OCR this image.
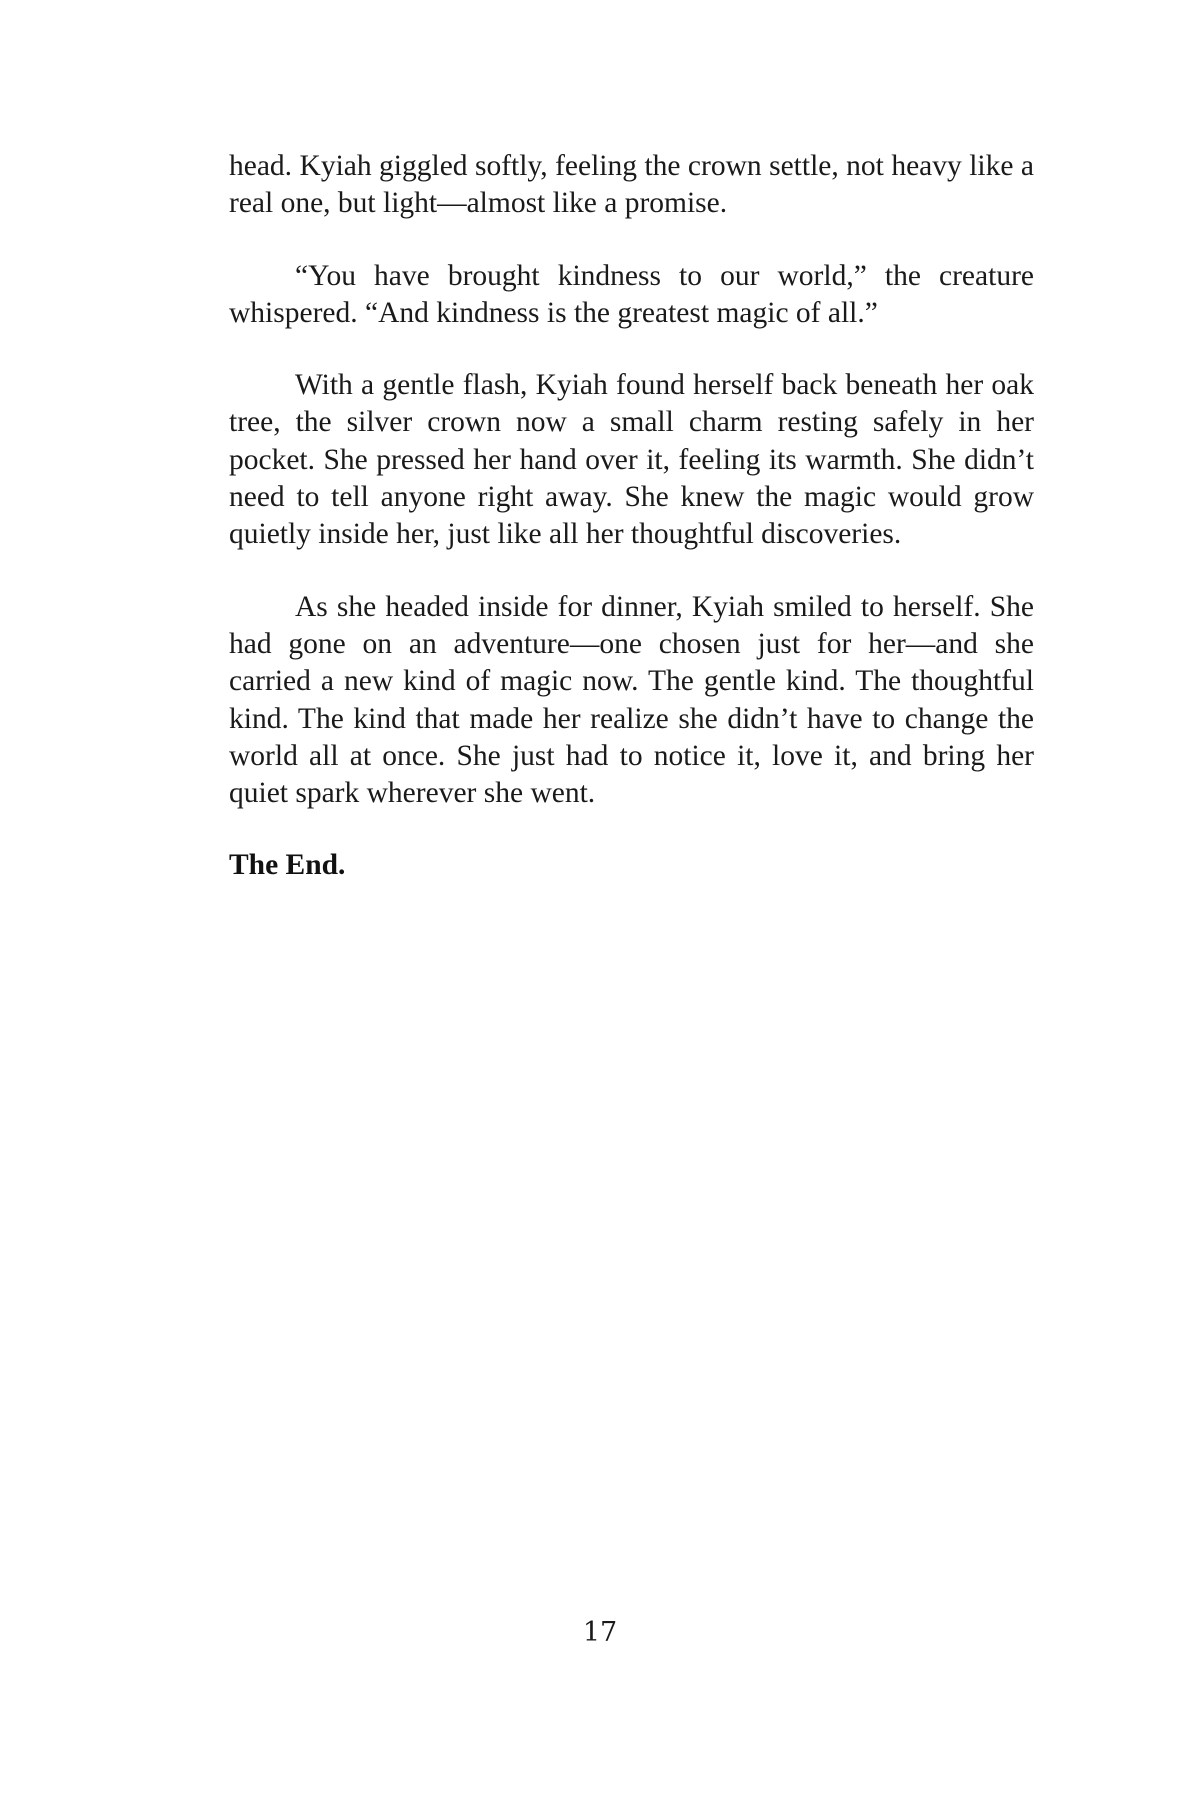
head. Kyiah giggled softly, feeling the crown settle, not heavy like a real one, but light—almost like a promise.

“You have brought kindness to our world,” the creature whispered. “And kindness is the greatest magic of all.”

With a gentle flash, Kyiah found herself back beneath her oak tree, the silver crown now a small charm resting safely in her pocket. She pressed her hand over it, feeling its warmth. She didn’t need to tell anyone right away. She knew the magic would grow quietly inside her, just like all her thoughtful discoveries.

As she headed inside for dinner, Kyiah smiled to herself. She had gone on an adventure—one chosen just for her—and she carried a new kind of magic now. The gentle kind. The thoughtful kind. The kind that made her realize she didn’t have to change the world all at once. She just had to notice it, love it, and bring her quiet spark wherever she went.

The End.

17
